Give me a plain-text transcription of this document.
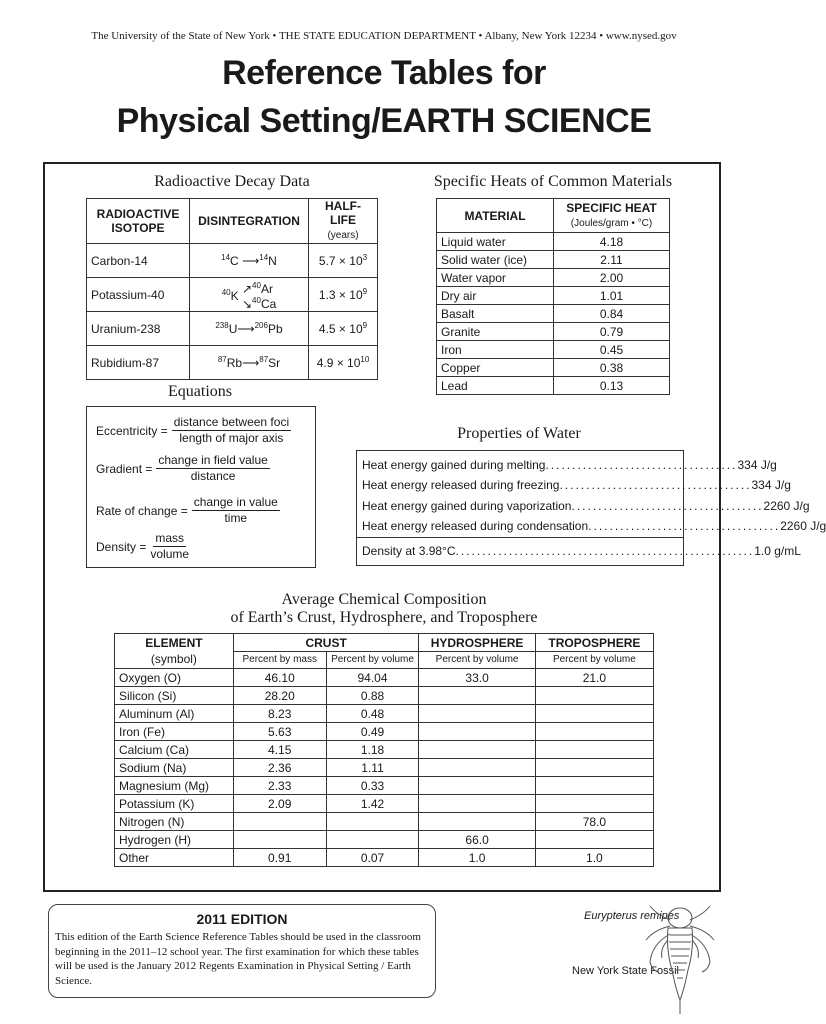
The University of the State of New York • THE STATE EDUCATION DEPARTMENT • Albany, New York 12234 • www.nysed.gov
Reference Tables for
Physical Setting/EARTH SCIENCE
Radioactive Decay Data
RADIOACTIVE ISOTOPE	DISINTEGRATION	HALF-LIFE
(years)
Carbon-14	$^{14}$C ⟶$^{14}$N	$5.7 \times 10^3$
Potassium-40	$^{40}$K ↗$^{40}$Ar
↘$^{40}$Ca	$1.3 \times 10^9$
Uranium-238	$^{238}$U⟶$^{206}$Pb	$4.5 \times 10^9$
Rubidium-87	$^{87}$Rb⟶$^{87}$Sr	$4.9 \times 10^{10}$
Specific Heats of Common Materials
MATERIAL	SPECIFIC HEAT
(Joules/gram • °C)
Liquid water	4.18
Solid water (ice)	2.11
Water vapor	2.00
Dry air	1.01
Basalt	0.84
Granite	0.79
Iron	0.45
Copper	0.38
Lead	0.13
Equations
Eccentricity = $\frac{\text{distance between foci}}{\text{length of major axis}}$
Gradient = $\frac{\text{change in field value}}{\text{distance}}$
Rate of change = $\frac{\text{change in value}}{\text{time}}$
Density = $\frac{\text{mass}}{\text{volume}}$
Properties of Water
Heat energy gained during melting .................................... 334 J/g
Heat energy released during freezing .................................... 334 J/g
Heat energy gained during vaporization .................................... 2260 J/g
Heat energy released during condensation .................................... 2260 J/g
Density at 3.98°C ........................................................ 1.0 g/mL
Average Chemical Composition
of Earth’s Crust, Hydrosphere, and Troposphere
ELEMENT
(symbol)	CRUST		HYDROSPHERE	TROPOSPHERE
	Percent by mass	Percent by volume	Percent by volume	Percent by volume
Oxygen (O)	46.10	94.04	33.0	21.0
Silicon (Si)	28.20	0.88		
Aluminum (Al)	8.23	0.48		
Iron (Fe)	5.63	0.49		
Calcium (Ca)	4.15	1.18		
Sodium (Na)	2.36	1.11		
Magnesium (Mg)	2.33	0.33		
Potassium (K)	2.09	1.42		
Nitrogen (N)				78.0
Hydrogen (H)			66.0	
Other	0.91	0.07	1.0	1.0
2011 EDITION
This edition of the Earth Science Reference Tables should be used in the classroom beginning in the 2011–12 school year. The first examination for which these tables will be used is the January 2012 Regents Examination in Physical Setting / Earth Science.
Eurypterus remipes
New York State Fossil
